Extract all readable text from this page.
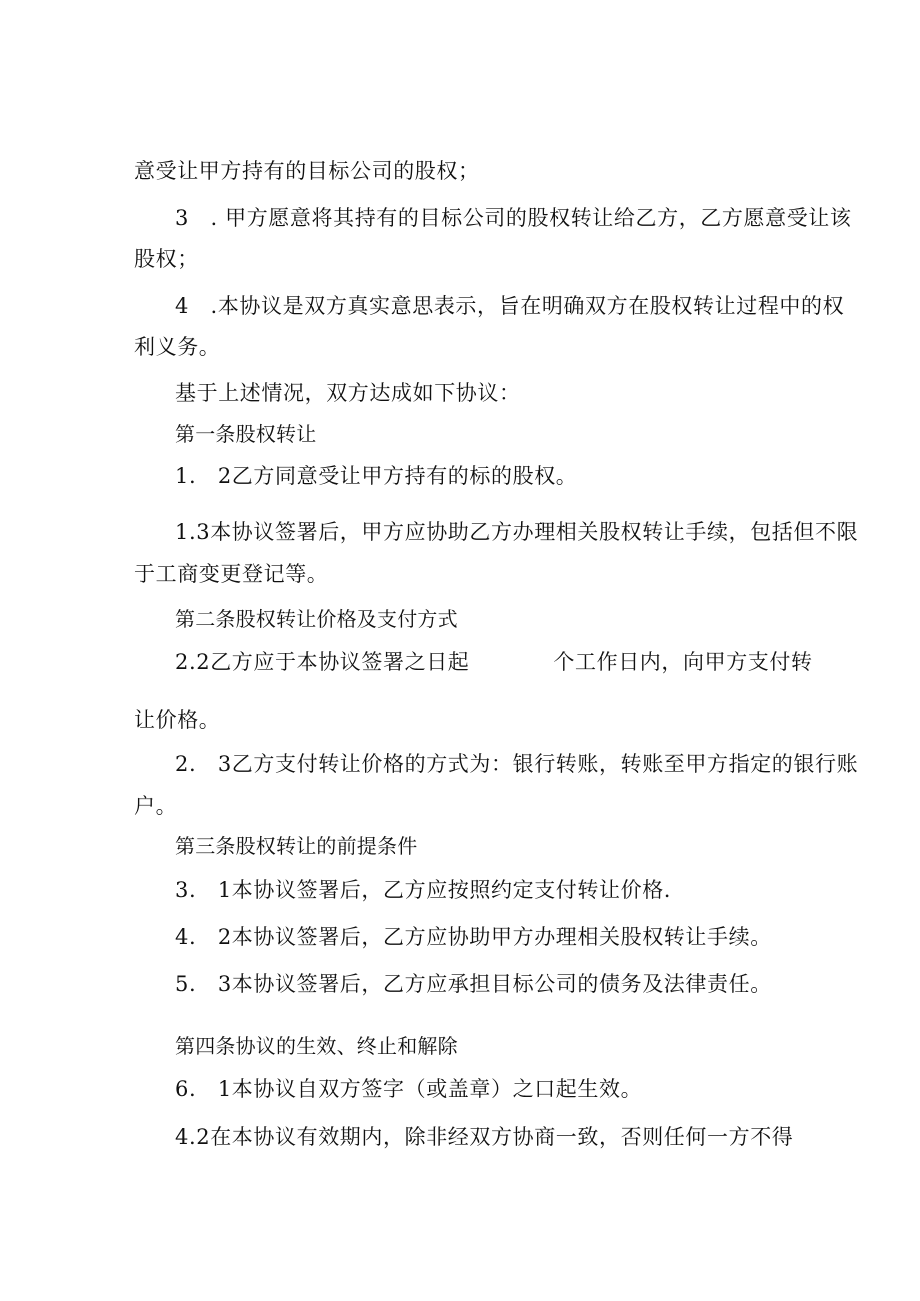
意受让甲方持有的目标公司的股权；
3　. 甲方愿意将其持有的目标公司的股权转让给乙方，乙方愿意受让该
股权；
4　.本协议是双方真实意思表示，旨在明确双方在股权转让过程中的权
利义务。
基于上述情况，双方达成如下协议：
第一条股权转让
1.　2乙方同意受让甲方持有的标的股权。
1.3本协议签署后，甲方应协助乙方办理相关股权转让手续，包括但不限
于工商变更登记等。
第二条股权转让价格及支付方式
2.2乙方应于本协议签署之日起	个工作日内，向甲方支付转
让价格。
2.　3乙方支付转让价格的方式为：银行转账，转账至甲方指定的银行账
户。
第三条股权转让的前提条件
3.　1本协议签署后，乙方应按照约定支付转让价格.
4.　2本协议签署后，乙方应协助甲方办理相关股权转让手续。
5.　3本协议签署后，乙方应承担目标公司的债务及法律责任。
第四条协议的生效、终止和解除
6.　1本协议自双方签字（或盖章）之口起生效。
4.2在本协议有效期内，除非经双方协商一致，否则任何一方不得
